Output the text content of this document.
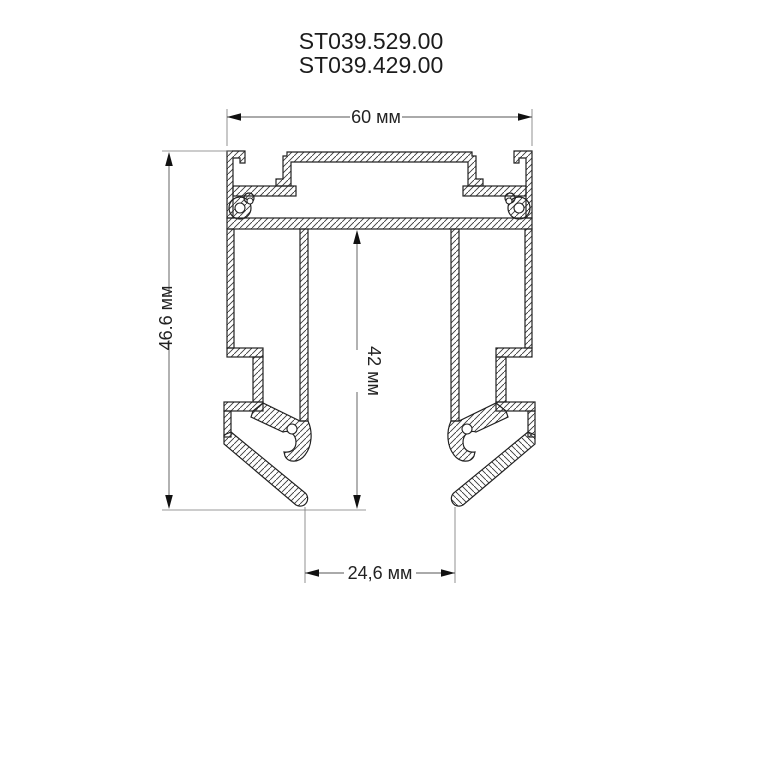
ST039.529.00
ST039.429.00
60 мм
46.6 мм
42 мм
24,6 мм
